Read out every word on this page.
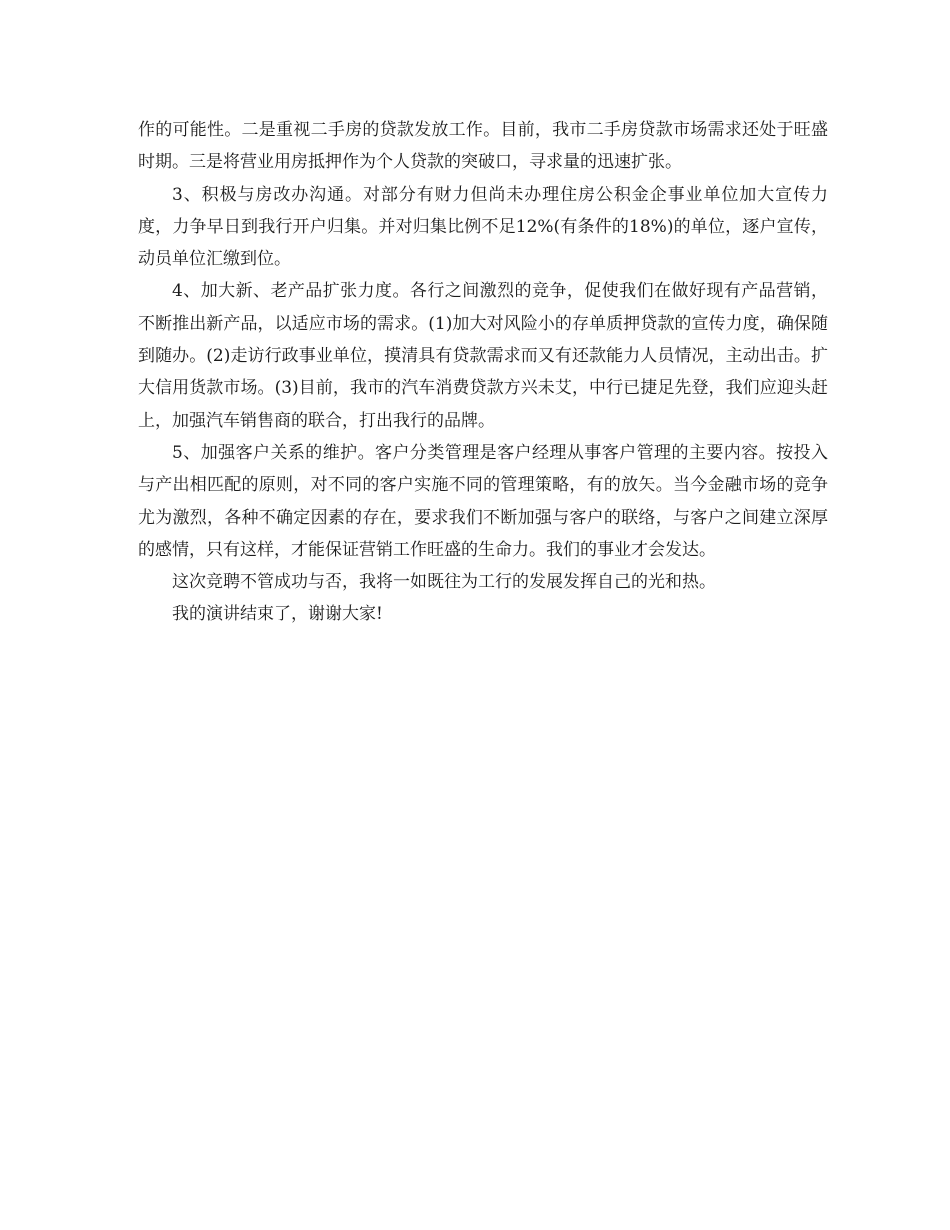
作的可能性。二是重视二手房的贷款发放工作。目前，我市二手房贷款市场需求还处于旺盛时期。三是将营业用房抵押作为个人贷款的突破口，寻求量的迅速扩张。

3、积极与房改办沟通。对部分有财力但尚未办理住房公积金企事业单位加大宣传力度，力争早日到我行开户归集。并对归集比例不足12%(有条件的18%)的单位，逐户宣传，动员单位汇缴到位。

4、加大新、老产品扩张力度。各行之间激烈的竞争，促使我们在做好现有产品营销，不断推出新产品，以适应市场的需求。(1)加大对风险小的存单质押贷款的宣传力度，确保随到随办。(2)走访行政事业单位，摸清具有贷款需求而又有还款能力人员情况，主动出击。扩大信用货款市场。(3)目前，我市的汽车消费贷款方兴未艾，中行已捷足先登，我们应迎头赶上，加强汽车销售商的联合，打出我行的品牌。

5、加强客户关系的维护。客户分类管理是客户经理从事客户管理的主要内容。按投入与产出相匹配的原则，对不同的客户实施不同的管理策略，有的放矢。当今金融市场的竞争尤为激烈，各种不确定因素的存在，要求我们不断加强与客户的联络，与客户之间建立深厚的感情，只有这样，才能保证营销工作旺盛的生命力。我们的事业才会发达。

这次竞聘不管成功与否，我将一如既往为工行的发展发挥自己的光和热。

我的演讲结束了，谢谢大家!
